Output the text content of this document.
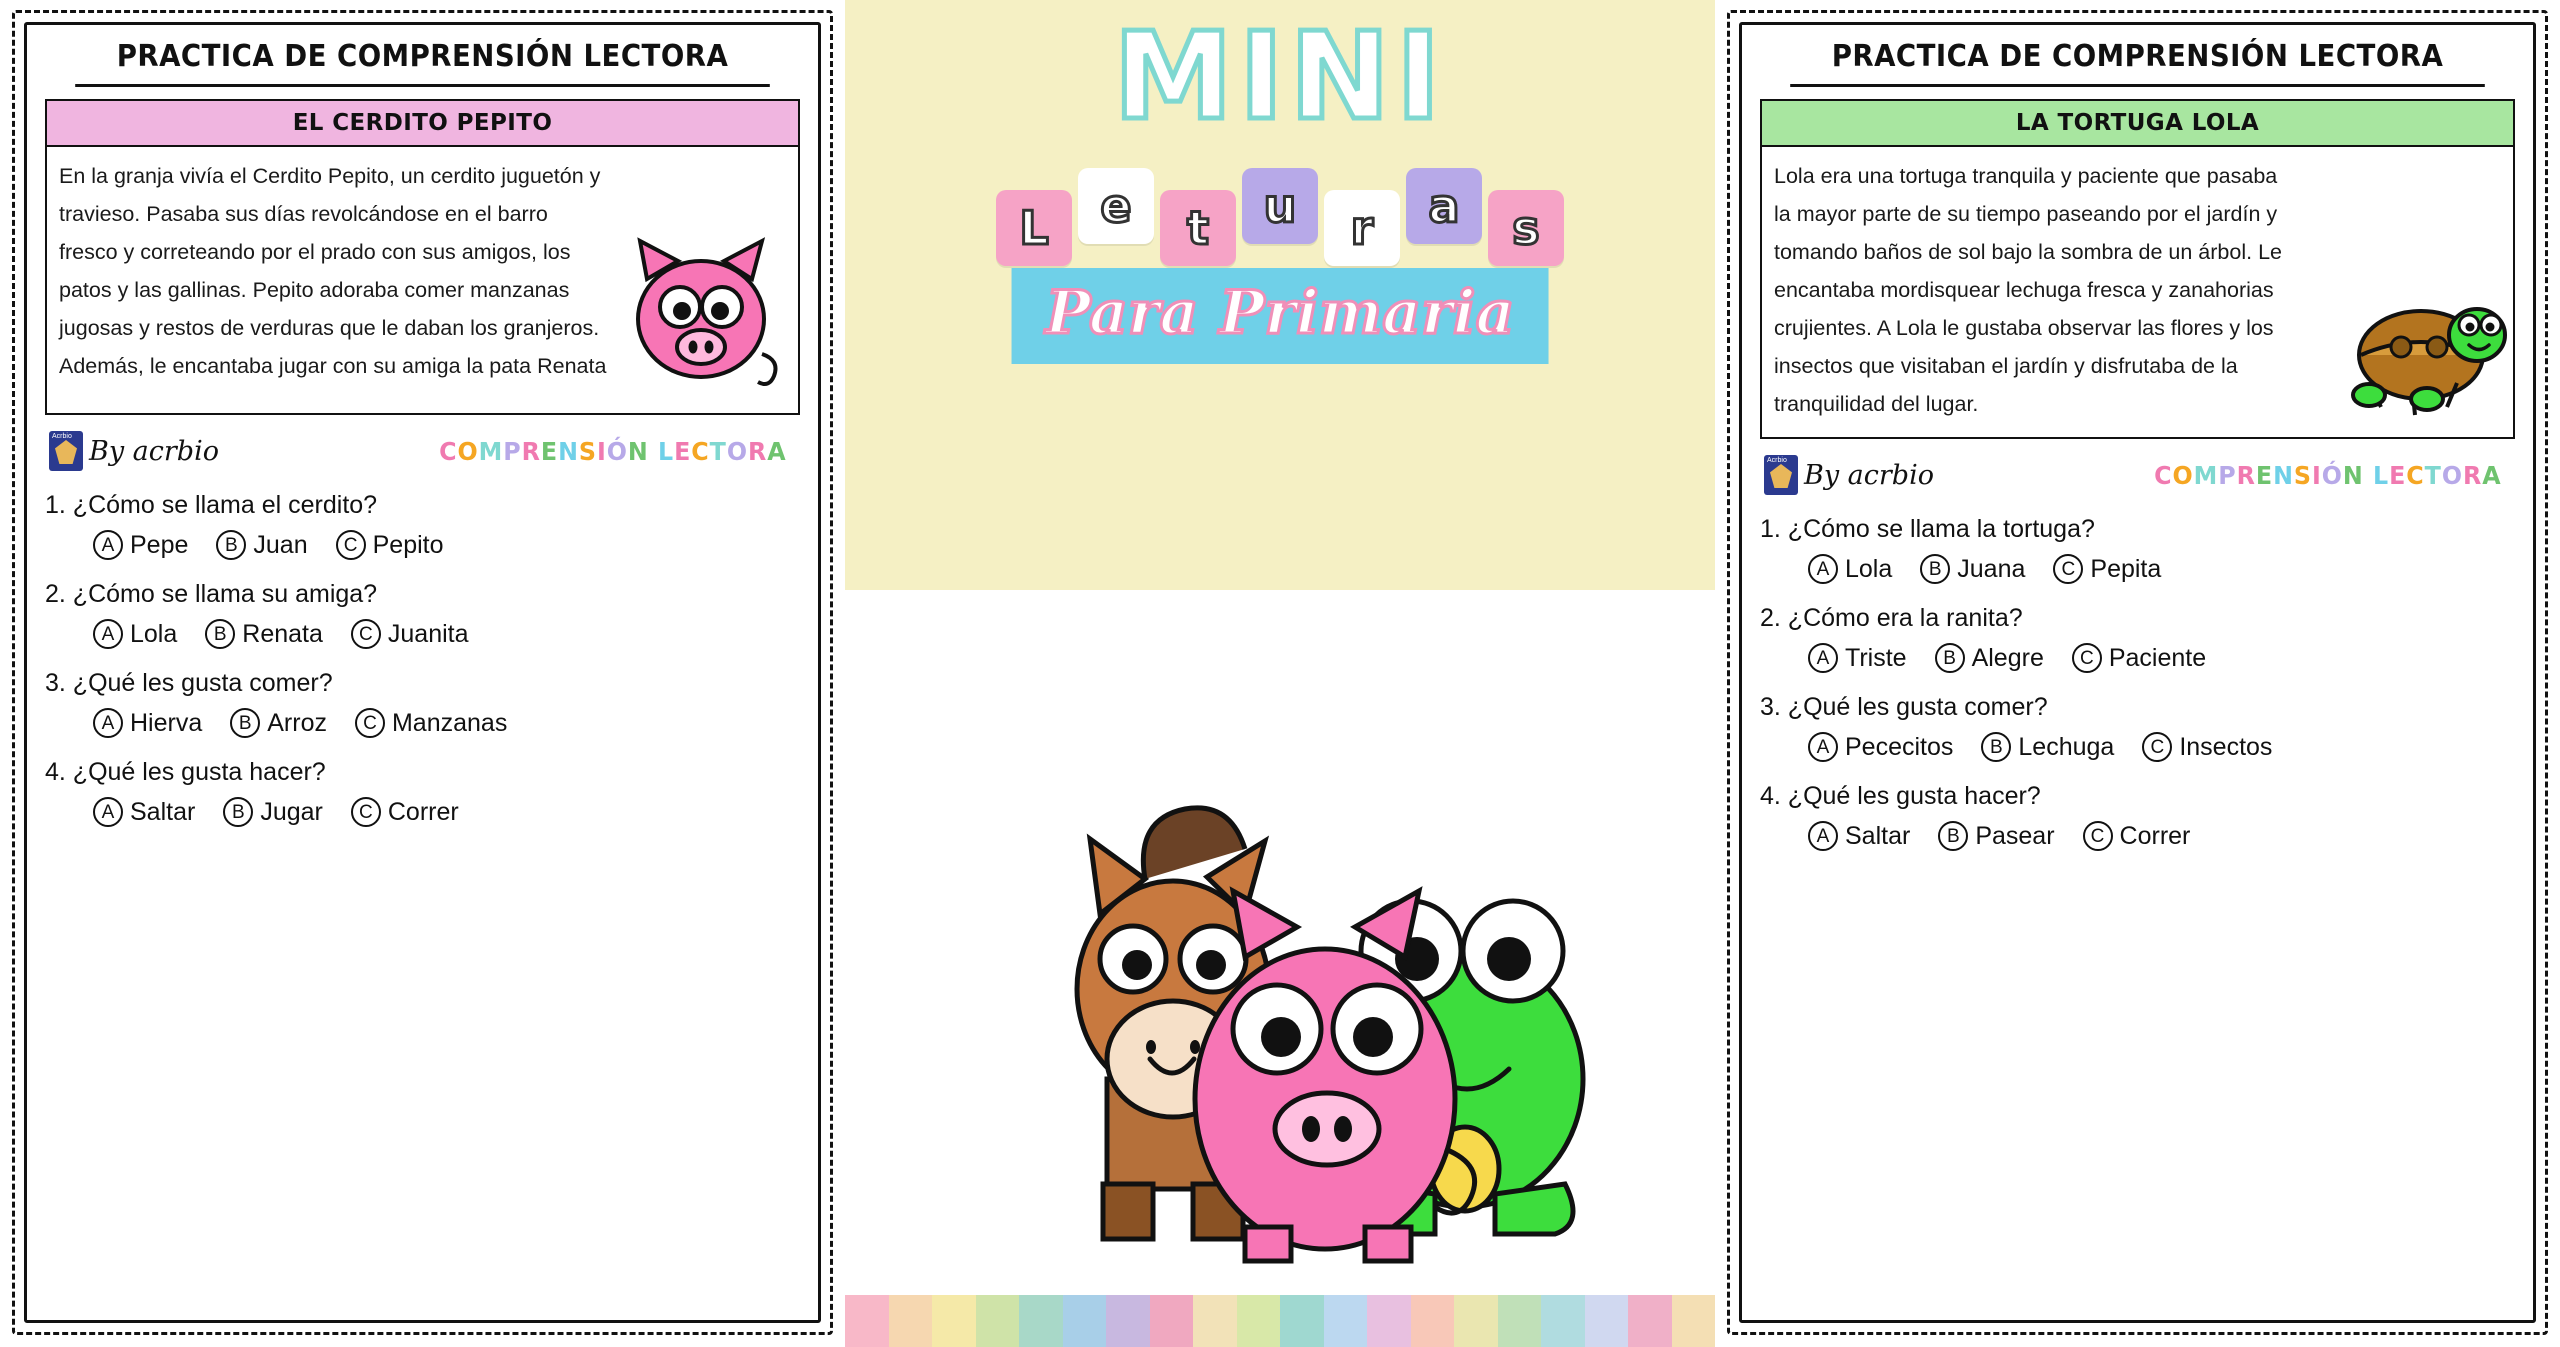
PRACTICA DE COMPRENSIÓN LECTORA
EL CERDITO PEPITO
En la granja vivía el Cerdito Pepito, un cerdito juguetón y travieso. Pasaba sus días revolcándose en el barro fresco y correteando por el prado con sus amigos, los patos y las gallinas. Pepito adoraba comer manzanas jugosas y restos de verduras que le daban los granjeros. Además, le encantaba jugar con su amiga la pata Renata
Acrbio By acrbio	COMPRENSIÓN LECTORA
1. ¿Cómo se llama el cerdito?
A Pepe	B Juan	C Pepito
2. ¿Cómo se llama su amiga?
A Lola	B Renata	C Juanita
3. ¿Qué les gusta comer?
A Hierva	B Arroz	C Manzanas
4. ¿Qué les gusta hacer?
A Saltar	B Jugar	C Correr
MINI
L	e	t	u	r	a	s
Para Primaria
PRACTICA DE COMPRENSIÓN LECTORA
LA TORTUGA LOLA
Lola era una tortuga tranquila y paciente que pasaba la mayor parte de su tiempo paseando por el jardín y tomando baños de sol bajo la sombra de un árbol. Le encantaba mordisquear lechuga fresca y zanahorias crujientes. A Lola le gustaba observar las flores y los insectos que visitaban el jardín y disfrutaba de la tranquilidad del lugar.
Acrbio By acrbio	COMPRENSIÓN LECTORA
1. ¿Cómo se llama la tortuga?
A Lola	B Juana	C Pepita
2. ¿Cómo era la ranita?
A Triste	B Alegre	C Paciente
3. ¿Qué les gusta comer?
A Pececitos	B Lechuga	C Insectos
4. ¿Qué les gusta hacer?
A Saltar	B Pasear	C Correr
